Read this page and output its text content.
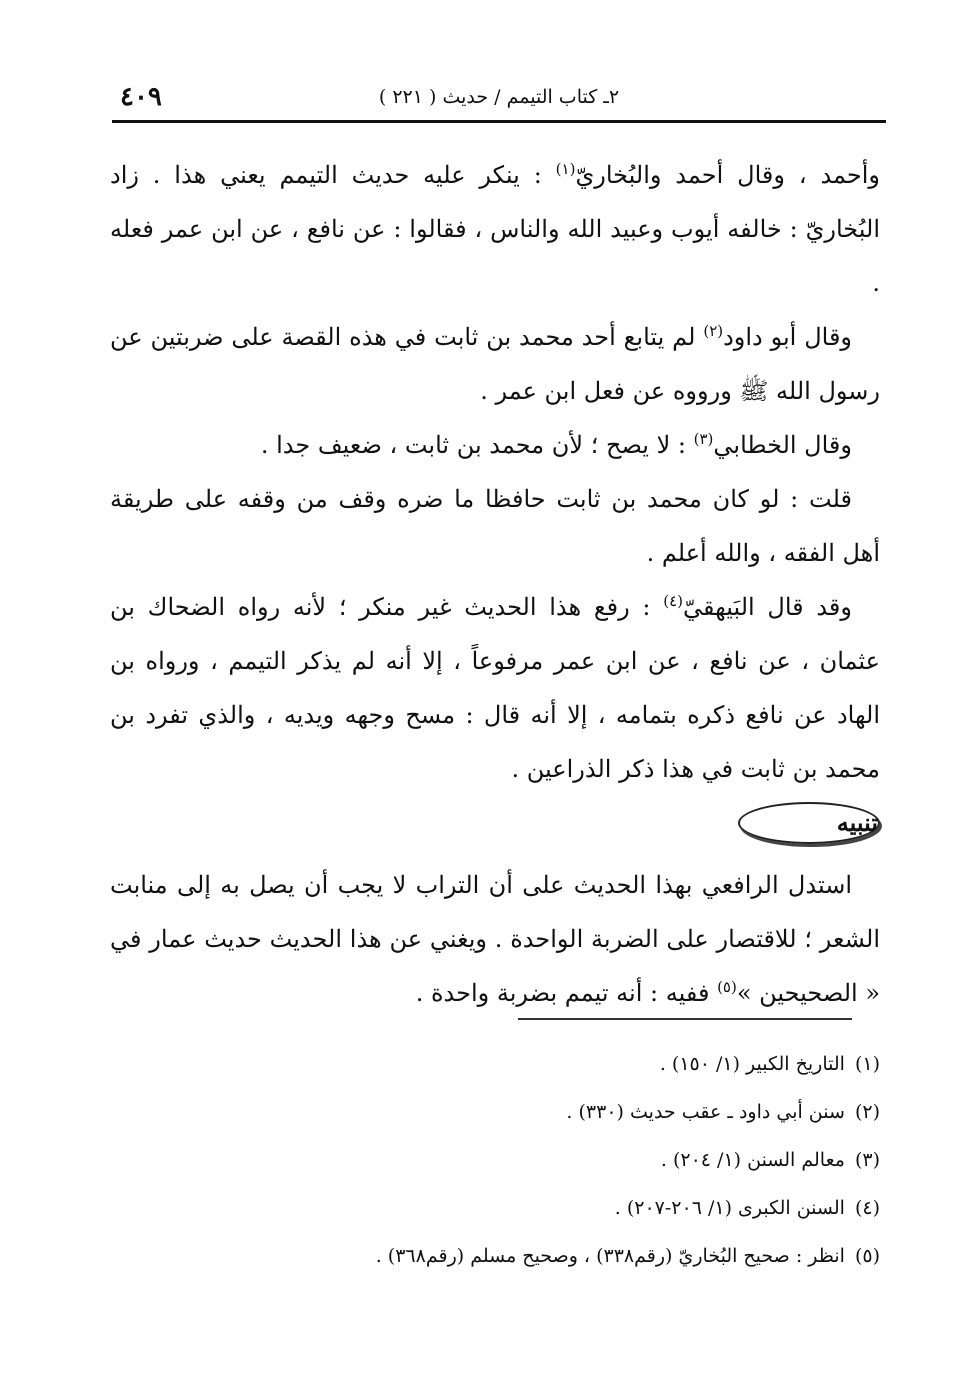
٤٠٩	٢ـ كتاب التيمم / حديث ( ٢٢١ )

وأحمد ، وقال أحمد والبُخاريّ$^{(١)}$ : ينكر عليه حديث التيمم يعني هذا . زاد البُخاريّ : خالفه أيوب وعبيد الله والناس ، فقالوا : عن نافع ، عن ابن عمر فعله .

وقال أبو داود$^{(٢)}$ لم يتابع أحد محمد بن ثابت في هذه القصة على ضربتين عن رسول الله ﷺ ورووه عن فعل ابن عمر .

وقال الخطابي$^{(٣)}$ : لا يصح ؛ لأن محمد بن ثابت ، ضعيف جدا .

قلت : لو كان محمد بن ثابت حافظا ما ضره وقف من وقفه على طريقة أهل الفقه ، والله أعلم .

وقد قال البَيهقيّ$^{(٤)}$ : رفع هذا الحديث غير منكر ؛ لأنه رواه الضحاك بن عثمان ، عن نافع ، عن ابن عمر مرفوعاً ، إلا أنه لم يذكر التيمم ، ورواه بن الهاد عن نافع ذكره بتمامه ، إلا أنه قال : مسح وجهه ويديه ، والذي تفرد بن محمد بن ثابت في هذا ذكر الذراعين .

تنبيه

استدل الرافعي بهذا الحديث على أن التراب لا يجب أن يصل به إلى منابت الشعر ؛ للاقتصار على الضربة الواحدة . ويغني عن هذا الحديث حديث عمار في « الصحيحين »$^{(٥)}$ ففيه : أنه تيمم بضربة واحدة .

(١)التاريخ الكبير (١/ ١٥٠) .

(٢)سنن أبي داود ـ عقب حديث (٣٣٠) .

(٣)معالم السنن (١/ ٢٠٤) .

(٤)السنن الكبرى (١/ ٢٠٦-٢٠٧) .

(٥)انظر : صحيح البُخاريّ (رقم٣٣٨) ، وصحيح مسلم (رقم٣٦٨) .
